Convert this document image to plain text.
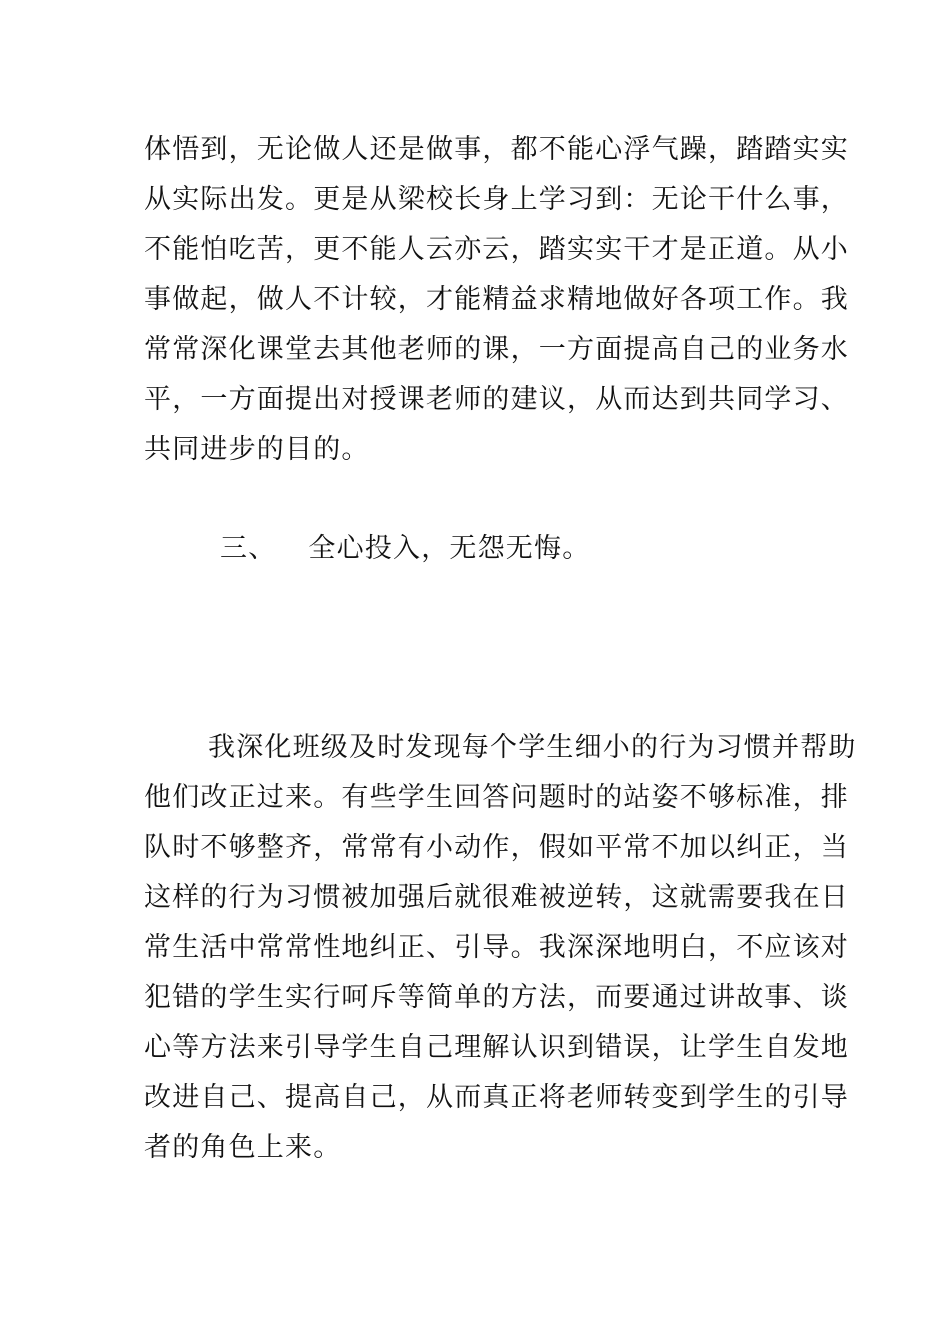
体悟到，无论做人还是做事，都不能心浮气躁，踏踏实实
从实际出发。更是从梁校长身上学习到：无论干什么事，
不能怕吃苦，更不能人云亦云，踏实实干才是正道。从小
事做起，做人不计较，才能精益求精地做好各项工作。我
常常深化课堂去其他老师的课，一方面提高自己的业务水
平，一方面提出对授课老师的建议，从而达到共同学习、
共同进步的目的。
三、 全心投入，无怨无悔。
我深化班级及时发现每个学生细小的行为习惯并帮助
他们改正过来。有些学生回答问题时的站姿不够标准，排
队时不够整齐，常常有小动作，假如平常不加以纠正，当
这样的行为习惯被加强后就很难被逆转，这就需要我在日
常生活中常常性地纠正、引导。我深深地明白，不应该对
犯错的学生实行呵斥等简单的方法，而要通过讲故事、谈
心等方法来引导学生自己理解认识到错误，让学生自发地
改进自己、提高自己，从而真正将老师转变到学生的引导
者的角色上来。
